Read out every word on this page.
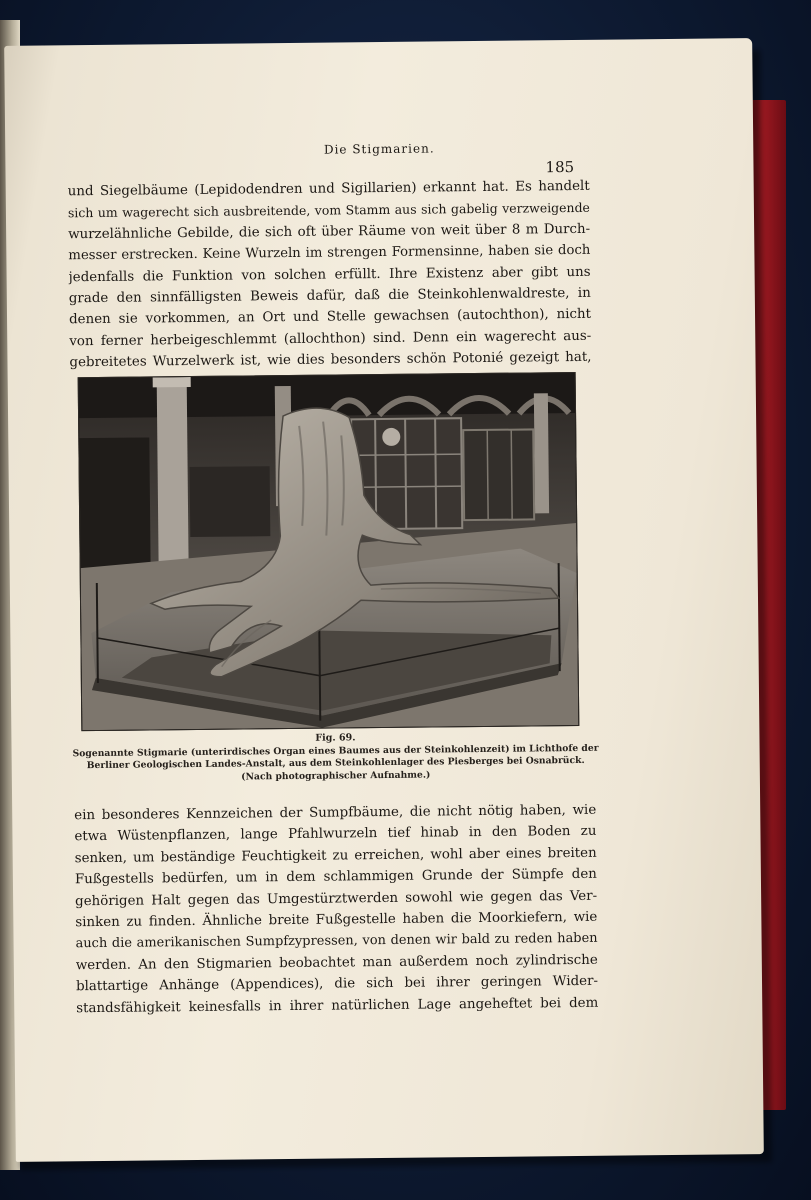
Die Stigmarien.
185
und Siegelbäume (Lepidodendren und Sigillarien) erkannt hat. Es handelt
sich um wagerecht sich ausbreitende, vom Stamm aus sich gabelig verzweigende
wurzelähnliche Gebilde, die sich oft über Räume von weit über 8 m Durch-
messer erstrecken. Keine Wurzeln im strengen Formensinne, haben sie doch
jedenfalls die Funktion von solchen erfüllt. Ihre Existenz aber gibt uns
grade den sinnfälligsten Beweis dafür, daß die Steinkohlenwaldreste, in
denen sie vorkommen, an Ort und Stelle gewachsen (autochthon), nicht
von ferner herbeigeschlemmt (allochthon) sind. Denn ein wagerecht aus-
gebreitetes Wurzelwerk ist, wie dies besonders schön Potonié gezeigt hat,
Fig. 69.
Sogenannte Stigmarie (unterirdisches Organ eines Baumes aus der Steinkohlenzeit) im Lichthofe der
Berliner Geologischen Landes-Anstalt, aus dem Steinkohlenlager des Piesberges bei Osnabrück.
(Nach photographischer Aufnahme.)
ein besonderes Kennzeichen der Sumpfbäume, die nicht nötig haben, wie
etwa Wüstenpflanzen, lange Pfahlwurzeln tief hinab in den Boden zu
senken, um beständige Feuchtigkeit zu erreichen, wohl aber eines breiten
Fußgestells bedürfen, um in dem schlammigen Grunde der Sümpfe den
gehörigen Halt gegen das Umgestürztwerden sowohl wie gegen das Ver-
sinken zu finden. Ähnliche breite Fußgestelle haben die Moorkiefern, wie
auch die amerikanischen Sumpfzypressen, von denen wir bald zu reden haben
werden. An den Stigmarien beobachtet man außerdem noch zylindrische
blattartige Anhänge (Appendices), die sich bei ihrer geringen Wider-
standsfähigkeit keinesfalls in ihrer natürlichen Lage angeheftet bei dem
